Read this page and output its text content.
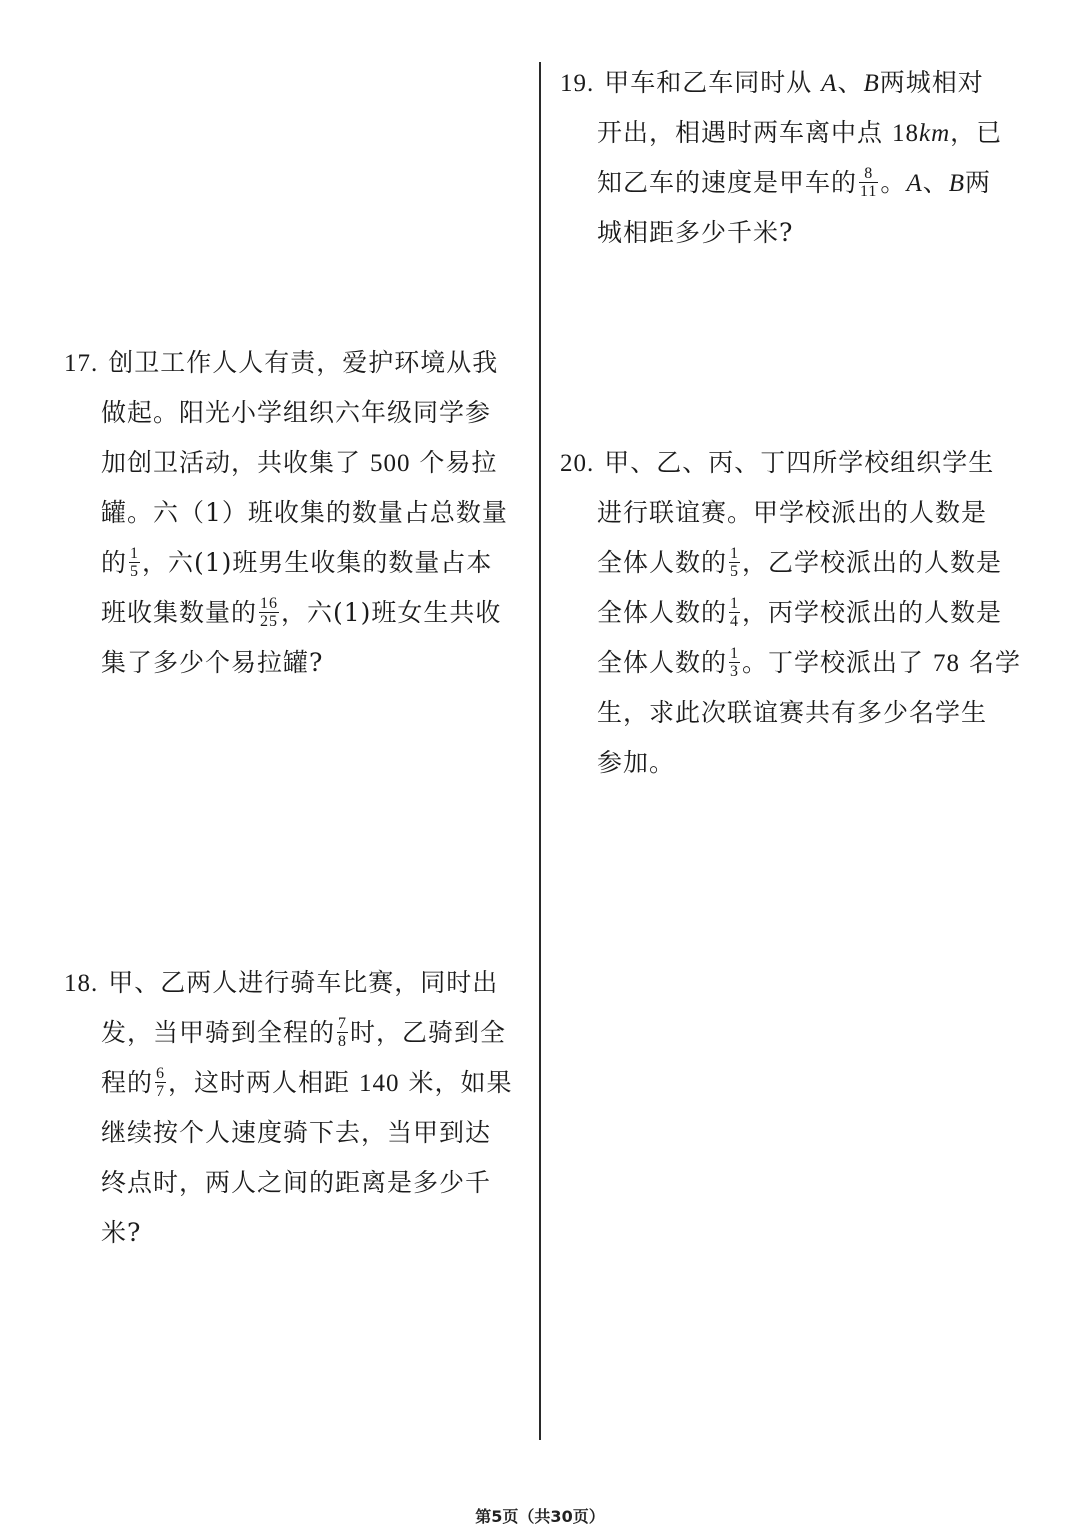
17. 创卫工作人人有责，爱护环境从我
做起。阳光小学组织六年级同学参
加创卫活动，共收集了 500 个易拉
罐。六（1）班收集的数量占总数量
的 $\frac{1}{5}$ ，六(1)班男生收集的数量占本
班收集数量的 $\frac{16}{25}$ ，六(1)班女生共收
集了多少个易拉罐?
18. 甲、乙两人进行骑车比赛，同时出
发，当甲骑到全程的 $\frac{7}{8}$ 时，乙骑到全
程的 $\frac{6}{7}$ ，这时两人相距 140 米，如果
继续按个人速度骑下去，当甲到达
终点时，两人之间的距离是多少千
米?
19. 甲车和乙车同时从 A、B两城相对
开出，相遇时两车离中点 18km，已
知乙车的速度是甲车的 $\frac{8}{11}$ 。A、B两
城相距多少千米?
20. 甲、乙、丙、丁四所学校组织学生
进行联谊赛。甲学校派出的人数是
全体人数的 $\frac{1}{5}$ ，乙学校派出的人数是
全体人数的 $\frac{1}{4}$ ，丙学校派出的人数是
全体人数的 $\frac{1}{3}$ 。丁学校派出了 78 名学
生，求此次联谊赛共有多少名学生
参加。
第5页（共30页）
